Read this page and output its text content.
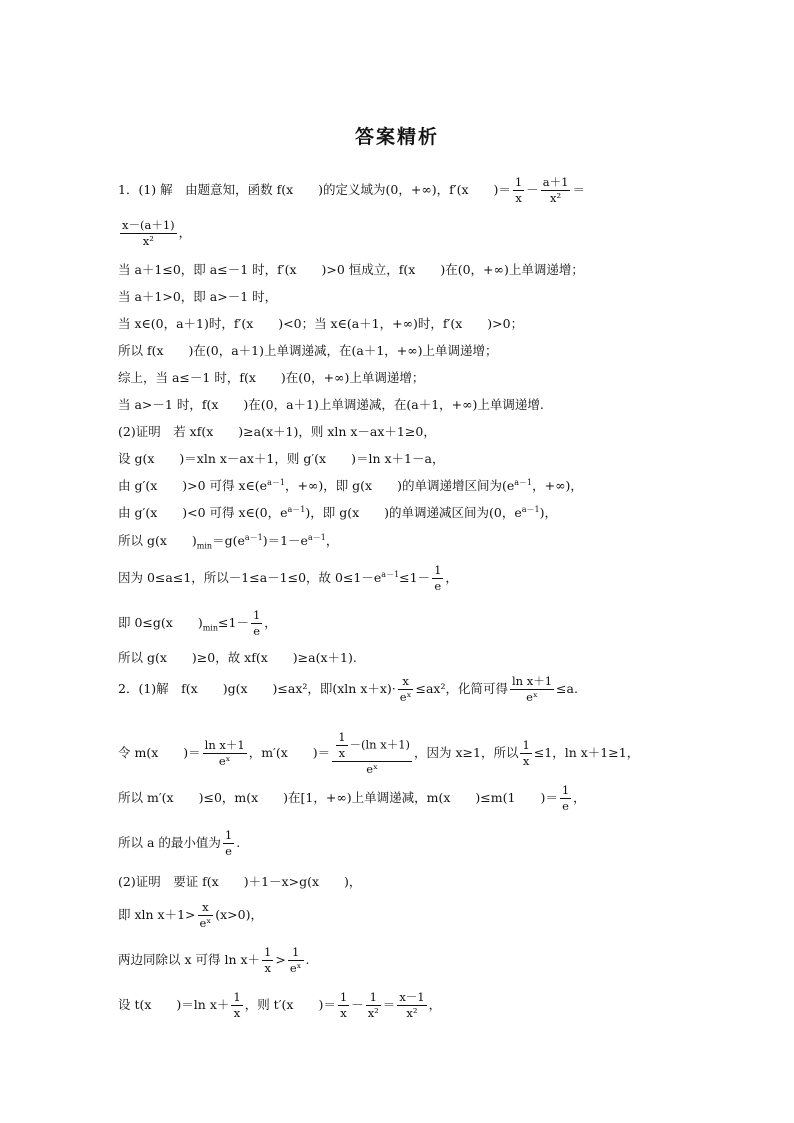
答案精析
1．(1) 解　由题意知，函数 f(x　　)的定义域为(0，+∞)，f′(x　　)＝ $\frac{1}{x} - \frac{a+1}{\text{x²}}$ ＝
$\frac{x-(a+1)}{\text{x²}}$ ，
当 a＋1≤0，即 a≤－1 时，f′(x　　)>0 恒成立，f(x　　)在(0，+∞)上单调递增；
当 a＋1>0，即 a>－1 时，
当 x∈(0，a＋1)时，f′(x　　)<0；当 x∈(a＋1，+∞)时，f′(x　　)>0；
所以 f(x　　)在(0，a＋1)上单调递减，在(a＋1，+∞)上单调递增；
综上，当 a≤－1 时，f(x　　)在(0，+∞)上单调递增；
当 a>－1 时，f(x　　)在(0，a＋1)上单调递减，在(a＋1，+∞)上单调递增.
(2)证明　若 xf(x　　)≥a(x＋1)，则 xln x－ax＋1≥0，
设 g(x　　)＝xln x－ax＋1，则 g′(x　　)＝ln x＋1－a，
由 g′(x　　)>0 可得 $x\in(e^{a-1}$，+∞)，即 g(x　　)的单调递增区间为($e^{a-1}$，+∞)，
由 g′(x　　)<0 可得 x∈(0，$e^{a-1}$)，即 g(x　　)的单调递减区间为(0，$e^{a-1}$)，
所以 g(x　　)$_{min}=g(e^{a-1})=1-e^{a-1}$，
因为 0≤a≤1，所以－1≤a－1≤0，故 $0\le 1-e^{a-1}\le 1- \frac{1}{e}$ ，
即 0≤g(x　　)$_{min}\le 1- \frac{1}{e}$ ，
所以 g(x　　)≥0，故 xf(x　　)≥a(x＋1).
2．(1)解　f(x　　)g(x　　)≤ax²，即(xln $x+x)\cdot \frac{x}{\text{eˣ}} \le ax^2$，化简可得 $\frac{\text{ln x＋1}}{\text{eˣ}} \le a$.
令 m(x　　)＝ $\frac{\text{ln x＋1}}{\text{eˣ}}$ ，m′(x　　)＝ $\frac{\frac{1}{x} -(\ln x+1)}{\text{eˣ}}$ ，因为 x≥1，所以 $\frac{1}{x} \le 1$，ln x＋1≥1，
所以 m′(x　　)≤0，m(x　　)在[1，+∞)上单调递减，m(x　　)≤m(1　　)＝ $\frac{1}{e}$ ，
所以 a 的最小值为 $\frac{1}{e}$ .
(2)证明　要证 f(x　　)＋1－x>g(x　　)，
即 xln $x+1> \frac{x}{\text{eˣ}} (x>0)$，
两边同除以 x 可得 $\ln x+ \frac{1}{x} > \frac{1}{\text{eˣ}}$ .
设 t(x　　)＝ln $x+ \frac{1}{x}$ ，则 t′(x　　)＝ $\frac{1}{x} - \frac{1}{\text{x²}} = \frac{x-1}{\text{x²}}$ ，
